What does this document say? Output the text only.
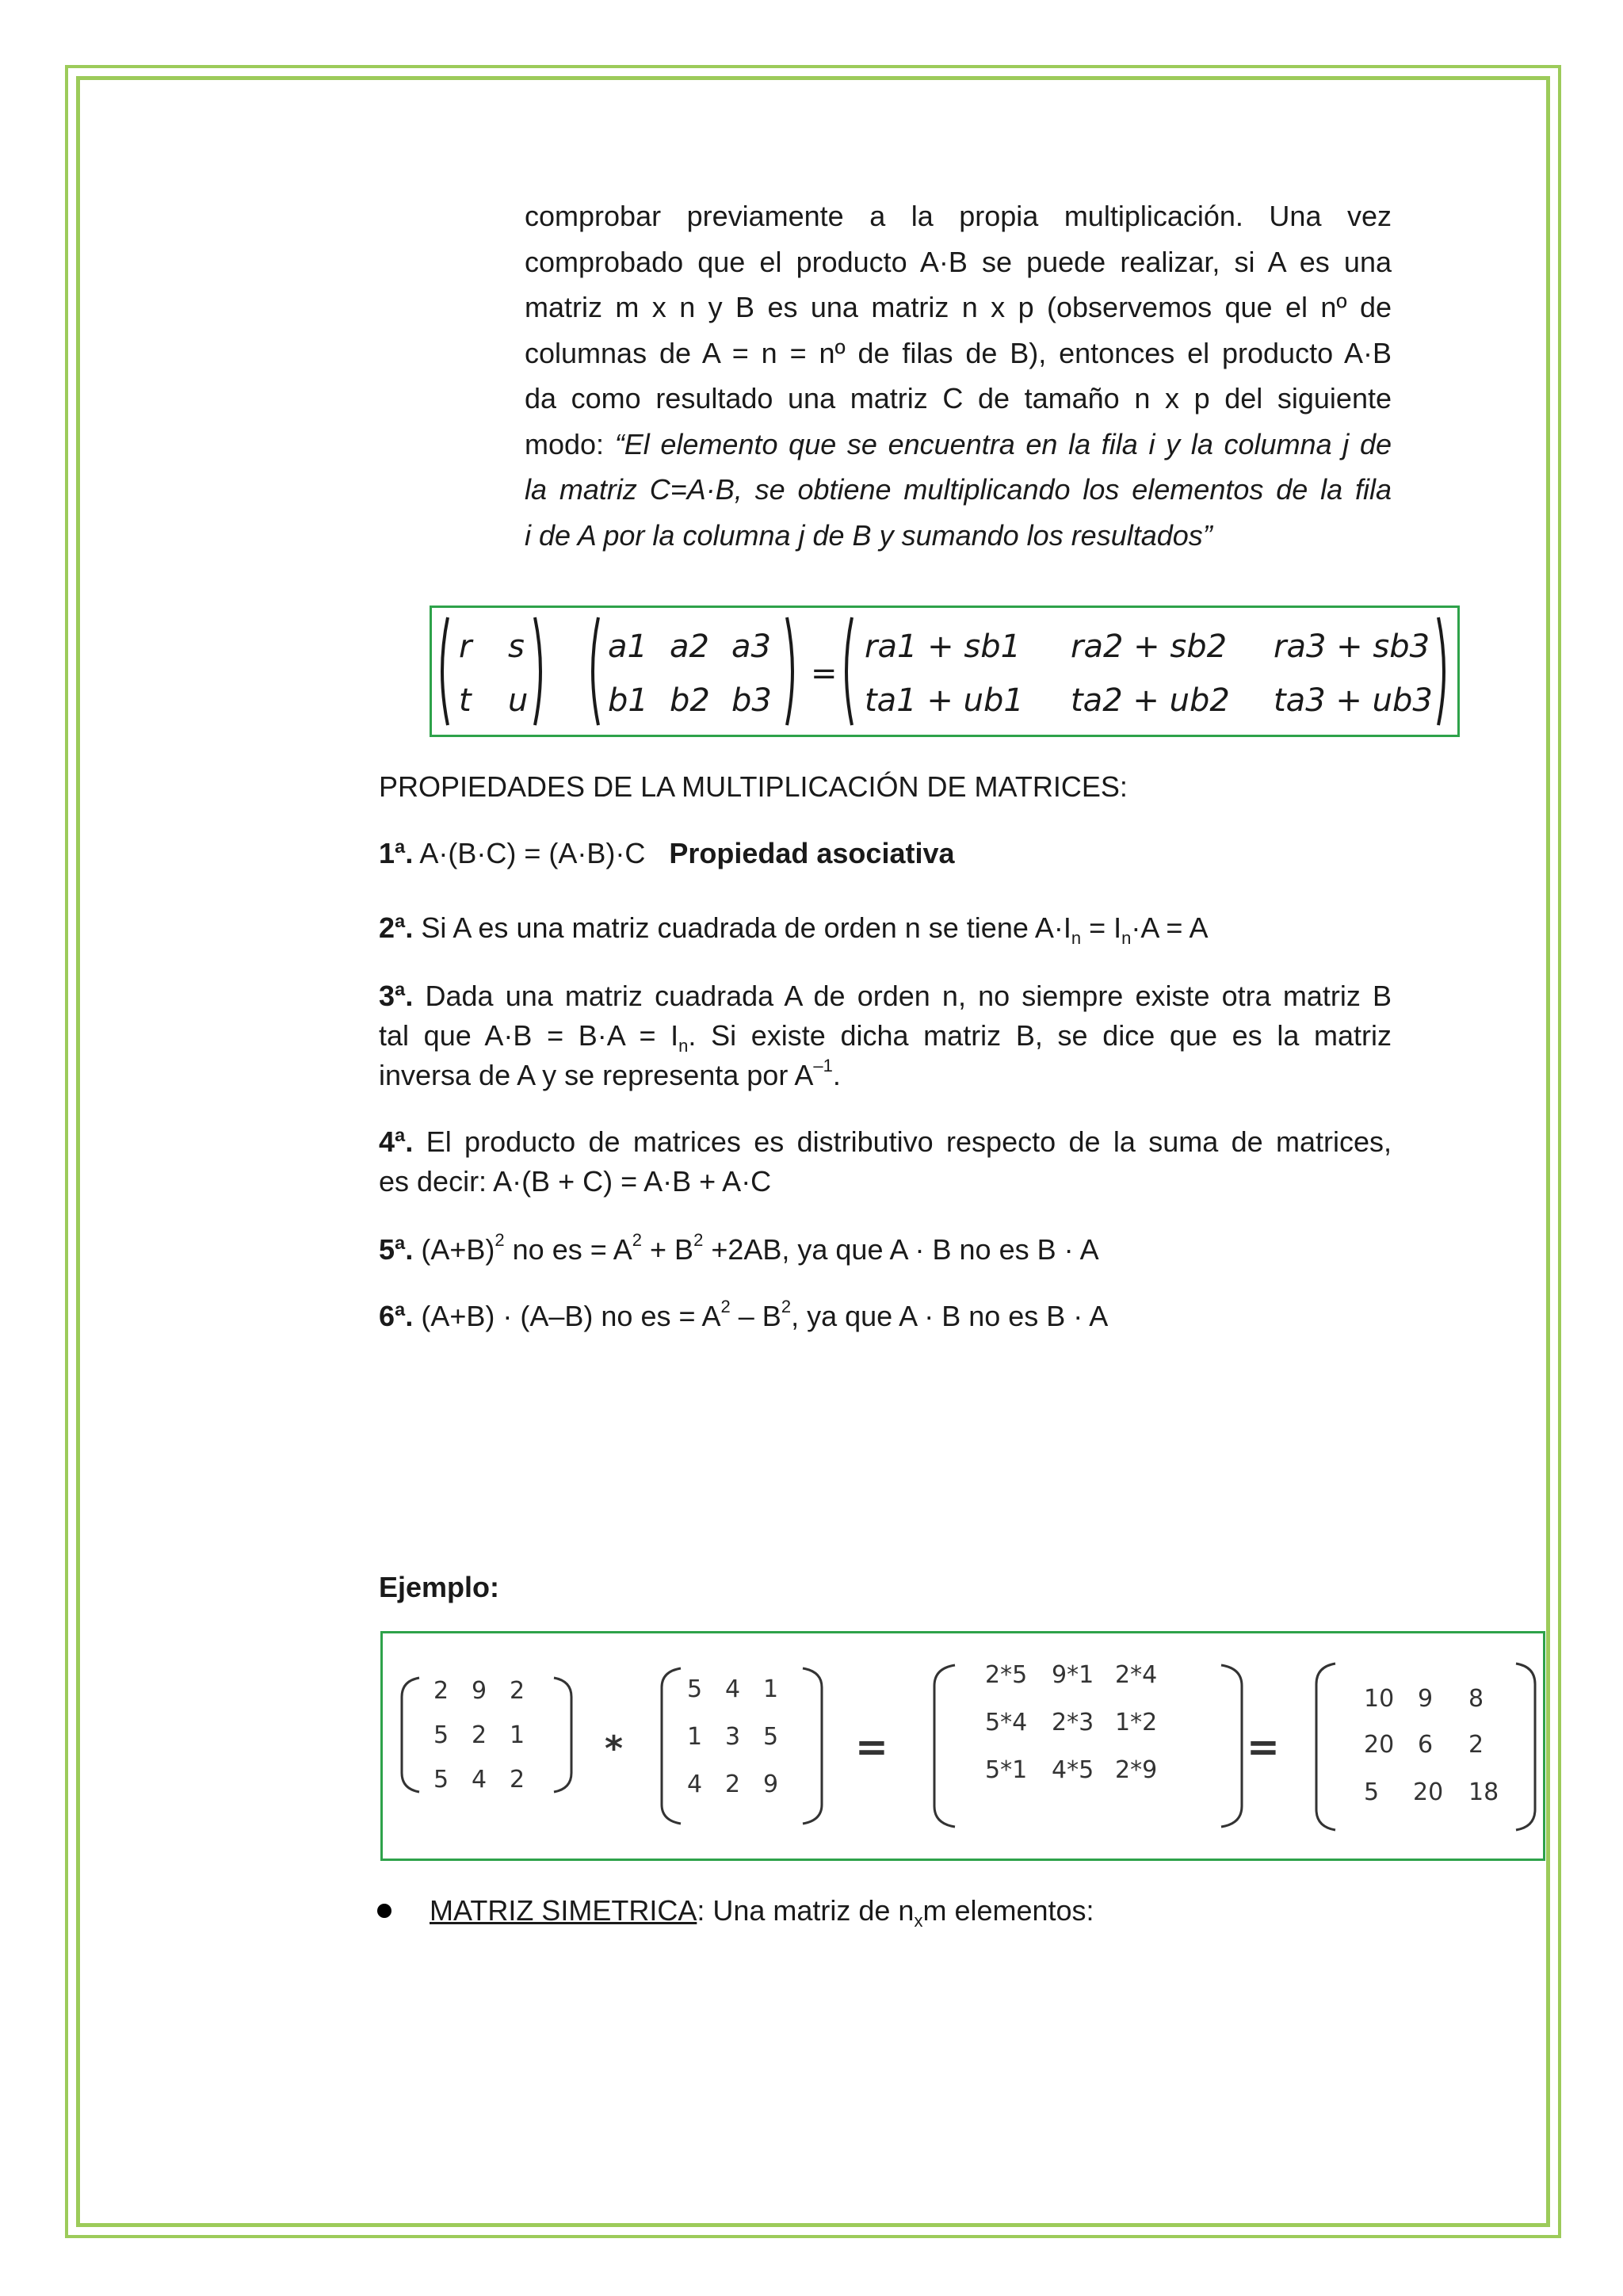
comprobar previamente a la propia multiplicación. Una vez
comprobado que el producto A·B se puede realizar, si A es una
matriz m x n y B es una matriz n x p (observemos que el nº de
columnas de A = n = nº de filas de B), entonces el producto A·B
da como resultado una matriz C de tamaño n x p del siguiente
modo: “El elemento que se encuentra en la fila i y la columna j de
la matriz C=A·B, se obtiene multiplicando los elementos de la fila
i de A por la columna j de B y sumando los resultados”
r s
t u
a1 a2 a3
b1 b2 b3
=
ra1 + sb1 ra2 + sb2 ra3 + sb3
ta1 + ub1 ta2 + ub2 ta3 + ub3
PROPIEDADES DE LA MULTIPLICACIÓN DE MATRICES:
1ª. A·(B·C) = (A·B)·C   Propiedad asociativa
2ª. Si A es una matriz cuadrada de orden n se tiene $A\cdot I_n = I_n\cdot A = A$
3ª. Dada una matriz cuadrada A de orden n, no siempre existe otra matriz B
tal que $A\cdot B = B\cdot A = I_n$. Si existe dicha matriz B, se dice que es la matriz
inversa de A y se representa por $A^{-1}$.
4ª. El producto de matrices es distributivo respecto de la suma de matrices,
es decir: A·(B + C) = A·B + A·C
5ª. $(A+B)^2$ no es = $A^2 + B^2 +2AB$, ya que A · B no es B · A
6ª. (A+B) · (A–B) no es = $A^2 - B^2$, ya que A · B no es B · A
Ejemplo:
2 9 2
5 2 1
5 4 2
*
5 4 1
1 3 5
4 2 9
=
2*5 9*1 2*4
5*4 2*3 1*2
5*1 4*5 2*9
=
10 9 8
20 6 2
5 20 18
MATRIZ SIMETRICA: Una matriz de $n_xm$ elementos:
